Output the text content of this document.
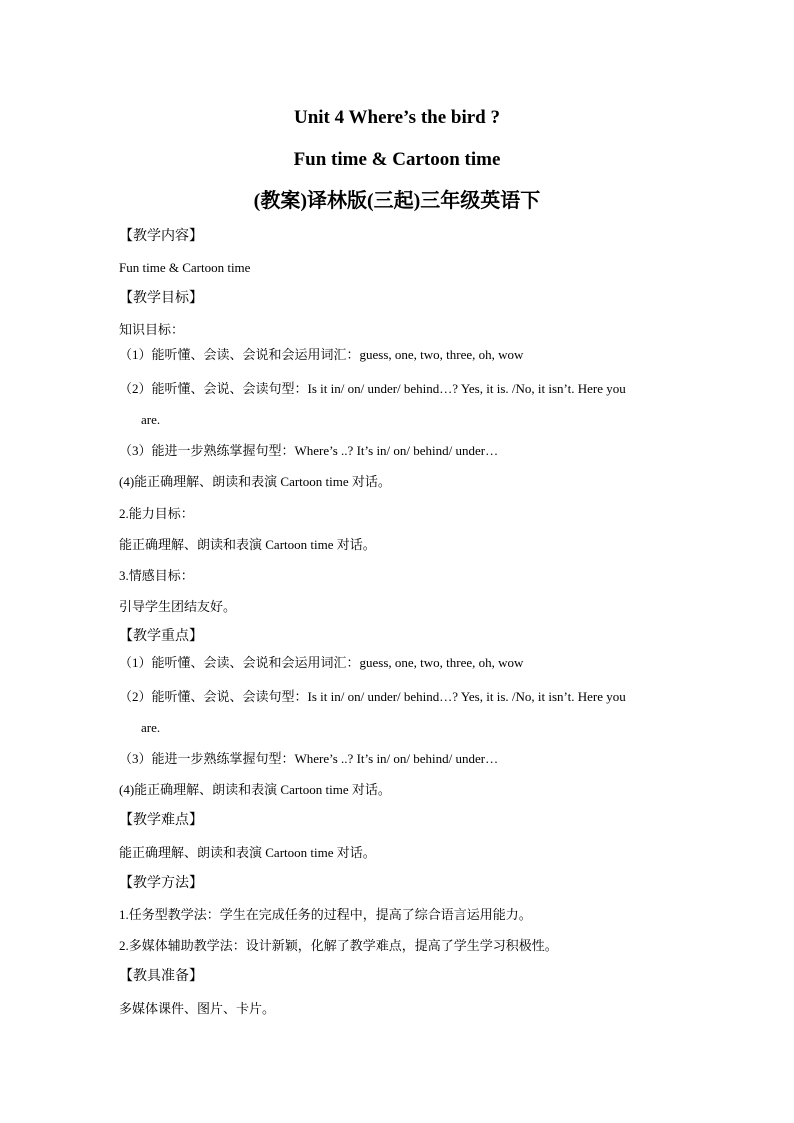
Unit 4 Where’s the bird ?
Fun time & Cartoon time
(教案)译林版(三起)三年级英语下
【教学内容】
Fun time & Cartoon time
【教学目标】
知识目标：
（1）能听懂、会读、会说和会运用词汇：guess, one, two, three, oh, wow
（2）能听懂、会说、会读句型：Is it in/ on/ under/ behind…? Yes, it is. /No, it isn’t. Here you
are.
（3）能进一步熟练掌握句型：Where’s ..? It’s in/ on/ behind/ under…
(4)能正确理解、朗读和表演 Cartoon time 对话。
2.能力目标：
能正确理解、朗读和表演 Cartoon time 对话。
3.情感目标：
引导学生团结友好。
【教学重点】
（1）能听懂、会读、会说和会运用词汇：guess, one, two, three, oh, wow
（2）能听懂、会说、会读句型：Is it in/ on/ under/ behind…? Yes, it is. /No, it isn’t. Here you
are.
（3）能进一步熟练掌握句型：Where’s ..? It’s in/ on/ behind/ under…
(4)能正确理解、朗读和表演 Cartoon time 对话。
【教学难点】
能正确理解、朗读和表演 Cartoon time 对话。
【教学方法】
1.任务型教学法：学生在完成任务的过程中，提高了综合语言运用能力。
2.多媒体辅助教学法：设计新颖，化解了教学难点，提高了学生学习积极性。
【教具准备】
多媒体课件、图片、卡片。
